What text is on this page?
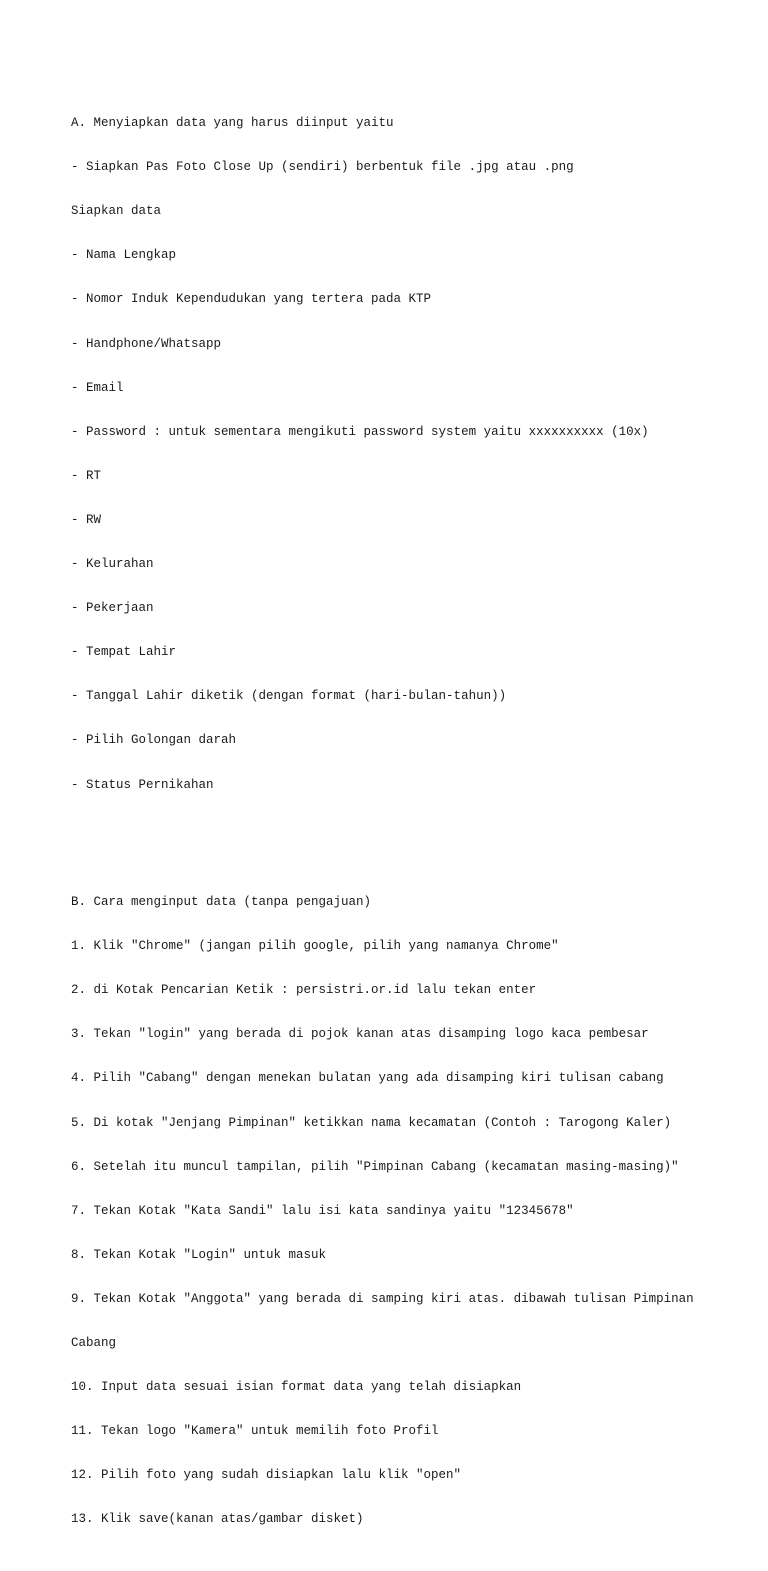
A. Menyiapkan data yang harus diinput yaitu

- Siapkan Pas Foto Close Up (sendiri) berbentuk file .jpg atau .png

Siapkan data

- Nama Lengkap

- Nomor Induk Kependudukan yang tertera pada KTP

- Handphone/Whatsapp

- Email

- Password : untuk sementara mengikuti password system yaitu xxxxxxxxxx (10x)

- RT

- RW

- Kelurahan

- Pekerjaan

- Tempat Lahir

- Tanggal Lahir diketik (dengan format (hari-bulan-tahun))

- Pilih Golongan darah

- Status Pernikahan

B. Cara menginput data (tanpa pengajuan)

1. Klik "Chrome" (jangan pilih google, pilih yang namanya Chrome"

2. di Kotak Pencarian Ketik : persistri.or.id lalu tekan enter

3. Tekan "login" yang berada di pojok kanan atas disamping logo kaca pembesar

4. Pilih "Cabang" dengan menekan bulatan yang ada disamping kiri tulisan cabang

5. Di kotak "Jenjang Pimpinan" ketikkan nama kecamatan (Contoh : Tarogong Kaler)

6. Setelah itu muncul tampilan, pilih "Pimpinan Cabang (kecamatan masing-masing)"

7. Tekan Kotak "Kata Sandi" lalu isi kata sandinya yaitu "12345678"

8. Tekan Kotak "Login" untuk masuk

9. Tekan Kotak "Anggota" yang berada di samping kiri atas. dibawah tulisan Pimpinan

Cabang

10. Input data sesuai isian format data yang telah disiapkan

11. Tekan logo "Kamera" untuk memilih foto Profil

12. Pilih foto yang sudah disiapkan lalu klik "open"

13. Klik save(kanan atas/gambar disket)
